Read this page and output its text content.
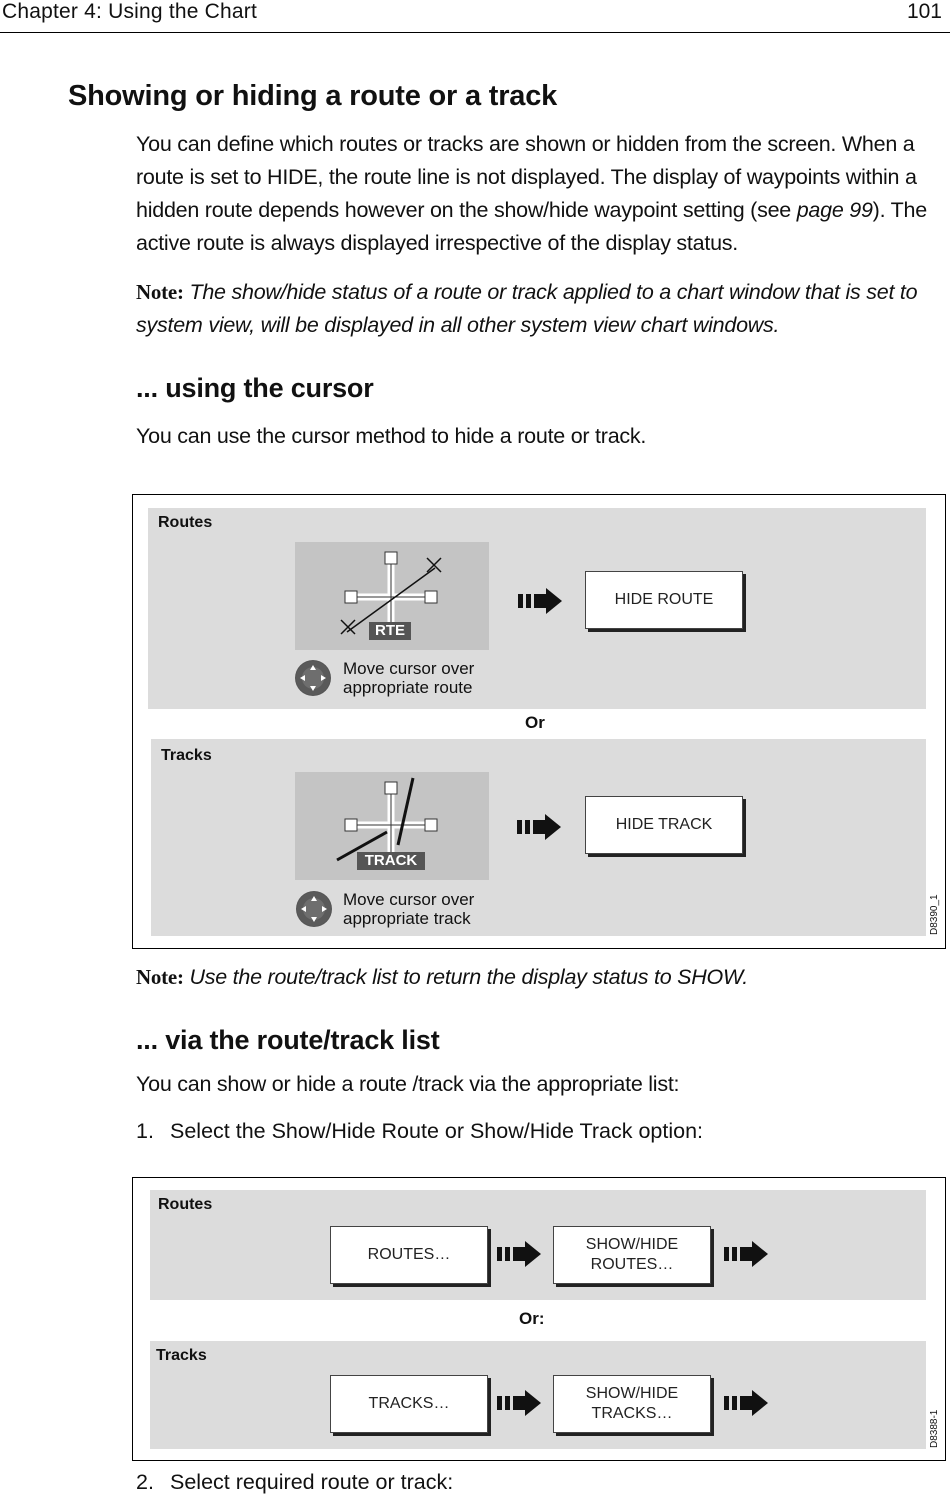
Chapter 4: Using the Chart	101
Showing or hiding a route or a track
You can define which routes or tracks are shown or hidden from the screen. When a route is set to HIDE, the route line is not displayed. The display of waypoints within a hidden route depends however on the show/hide waypoint setting (see page 99). The active route is always displayed irrespective of the display status.
Note: The show/hide status of a route or track applied to a chart window that is set to system view, will be displayed in all other system view chart windows.
... using the cursor
You can use the cursor method to hide a route or track.
Routes
RTE
Move cursor over
appropriate route
HIDE ROUTE
Or
Tracks
TRACK
Move cursor over
appropriate track
HIDE TRACK
D8390_1
Note: Use the route/track list to return the display status to SHOW.
... via the route/track list
You can show or hide a route /track via the appropriate list:
1. Select the Show/Hide Route or Show/Hide Track option:
Routes
ROUTES…
SHOW/HIDE
ROUTES…
Or:
Tracks
TRACKS…
SHOW/HIDE
TRACKS…	D8388-1
2. Select required route or track:
